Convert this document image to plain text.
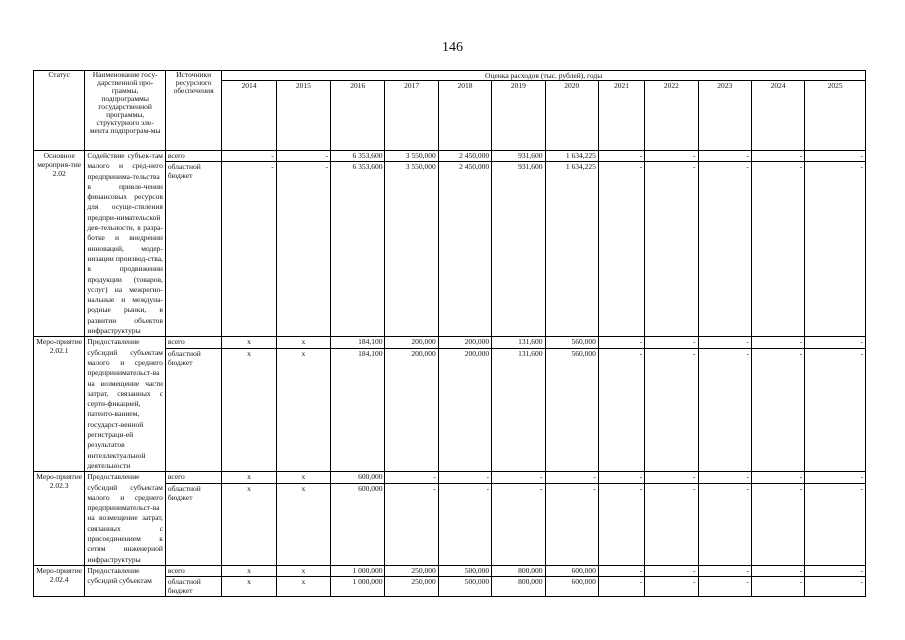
146
Статус	Наименование госу-дарственной про-граммы, подпрограммы государственной программы, структурного эле-мента подпрограм-мы	Источники ресурсного обеспечения	Оценка расходов (тыс. рублей), годы											
			2014	2015	2016	2017	2018	2019	2020	2021	2022	2023	2024	2025
Основное мероприя-тие 2.02	Содействие субъек-там малого и сред-него предпринима-тельства в привле-чении финансовых ресурсов для осуще-ствления предпри-нимательской дея-тельности, в разра-ботке и внедрении инноваций, модер-низации производ-ства, в продвижении продукции (товаров, услуг) на межрегио-нальные и междуна-родные рынки, в развитии объектов инфраструктуры	всего	-	-	6 353,600	3 550,000	2 450,000	931,600	1 634,225	-	-	-	-	-
		областной бюджет	-	-	6 353,600	3 550,000	2 450,000	931,600	1 634,225	-	-	-	-	-
Меро-приятие 2.02.1	Предоставление субсидий субъектам малого и среднего предпринимательст-ва на возмещение части затрат, связанных с серти-фикацией, патенто-ванием, государст-венной регистраци-ей результатов интеллектуальной деятельности	всего	x	x	184,100	200,000	200,000	131,600	560,000	-	-	-	-	-
		областной бюджет	x	x	184,100	200,000	200,000	131,600	560,000	-	-	-	-	-
Меро-приятие 2.02.3	Предоставление субсидий субъектам малого и среднего предпринимательст-ва на возмещение затрат, связанных с присоединением к сетям инженерной инфраструктуры	всего	x	x	600,000	-	-	-	-	-	-	-	-	-
		областной бюджет	x	x	600,000	-	-	-	-	-	-	-	-	-
Меро-приятие 2.02.4	Предоставление субсидий субъектам	всего	x	x	1 000,000	250,000	500,000	800,000	600,000	-	-	-	-	-
		областной бюджет	x	x	1 000,000	250,000	500,000	800,000	600,000	-	-	-	-	-
